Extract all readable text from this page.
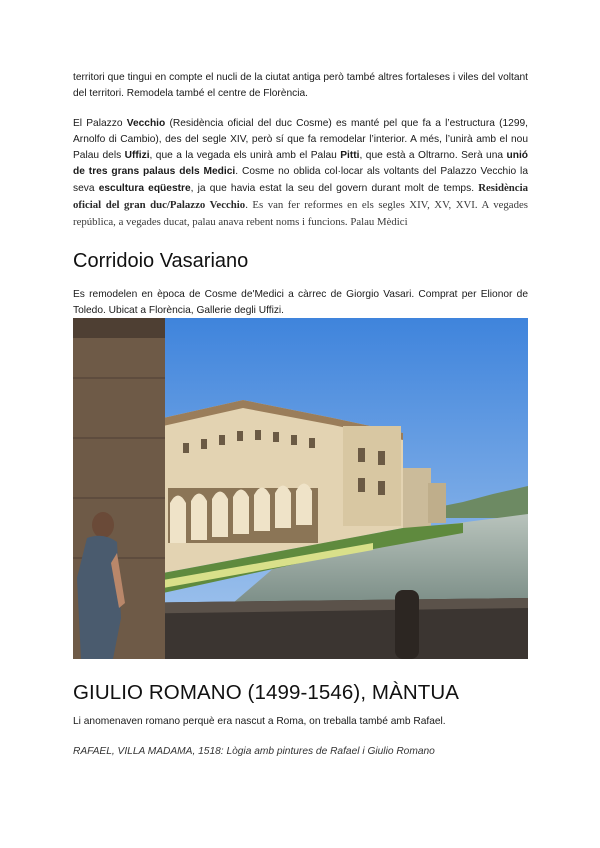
territori que tingui en compte el nucli de la ciutat antiga però també altres fortaleses i viles del voltant del territori. Remodela també el centre de Florència.

El Palazzo Vecchio (Residència oficial del duc Cosme) es manté pel que fa a l’estructura (1299, Arnolfo di Cambio), des del segle XIV, però sí que fa remodelar l’interior. A més, l’unirà amb el nou Palau dels Uffizi, que a la vegada els unirà amb el Palau Pitti, que està a Oltrarno. Serà una unió de tres grans palaus dels Medici. Cosme no oblida col·locar als voltants del Palazzo Vecchio la seva escultura eqüestre, ja que havia estat la seu del govern durant molt de temps. Residència oficial del gran duc/Palazzo Vecchio. Es van fer reformes en els segles XIV, XV, XVI. A vegades república, a vegades ducat, palau anava rebent noms i funcions. Palau Mèdici

Corridoio Vasariano

Es remodelen en època de Cosme de'Medici a càrrec de Giorgio Vasari. Comprat per Elionor de Toledo. Ubicat a Florència, Gallerie degli Uffizi.

GIULIO ROMANO (1499-1546), MÀNTUA

Li anomenaven romano perquè era nascut a Roma, on treballa també amb Rafael.

RAFAEL, VILLA MADAMA, 1518: Lògia amb pintures de Rafael i Giulio Romano
